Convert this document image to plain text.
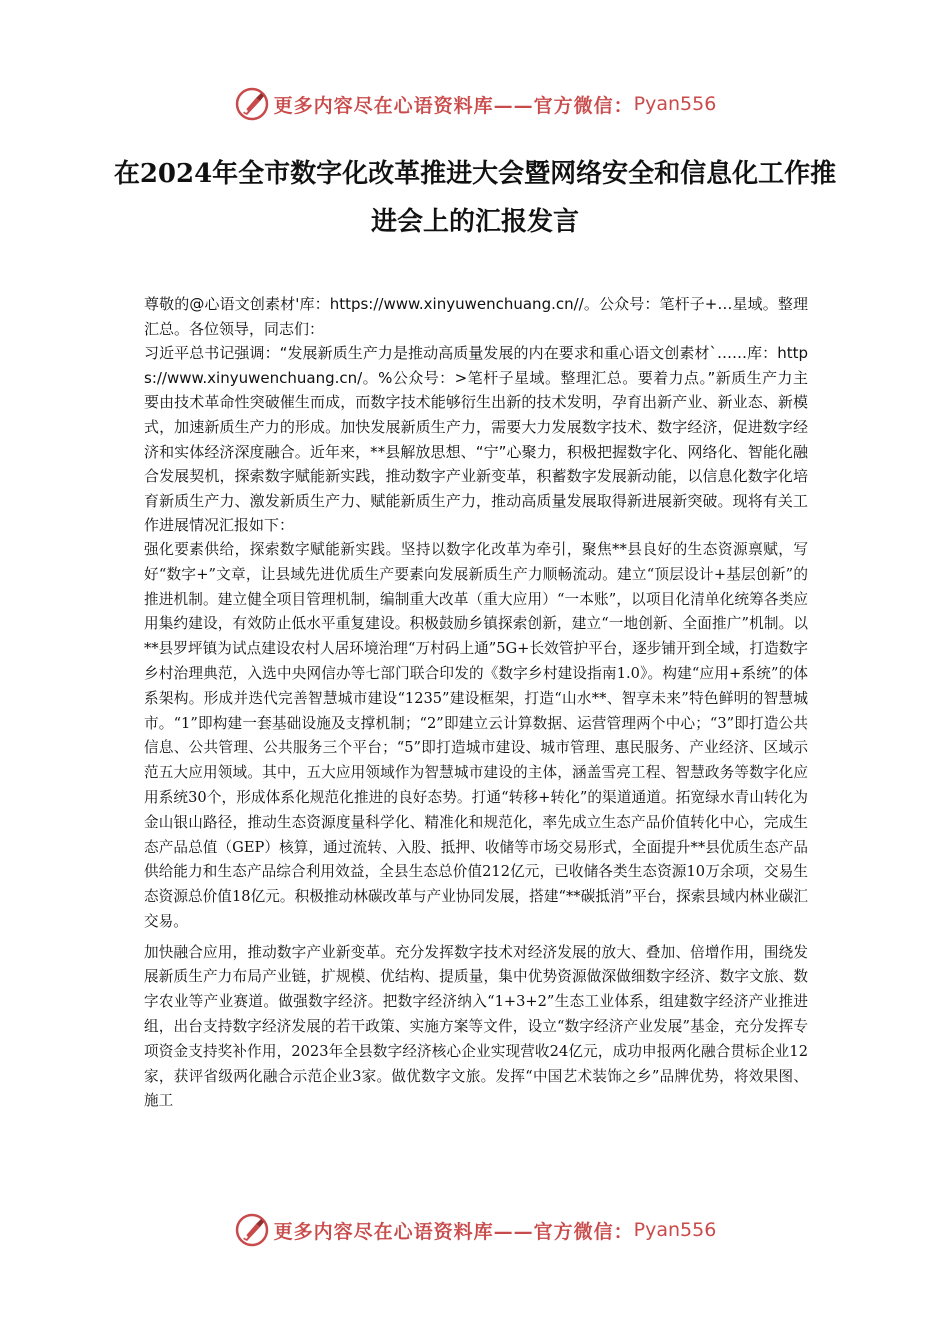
更多内容尽在心语资料库——官方微信： Pyan556
在2024年全市数字化改革推进大会暨网络安全和信息化工作推进会上的汇报发言

尊敬的@心语文创素材'库：https://www.xinyuwenchuang.cn//。公众号：笔杆子+…星域。整理汇总。各位领导，同志们：

习近平总书记强调：“发展新质生产力是推动高质量发展的内在要求和重心语文创素材`……库：https://www.xinyuwenchuang.cn/。%公众号：>笔杆子星域。整理汇总。要着力点。”新质生产力主要由技术革命性突破催生而成，而数字技术能够衍生出新的技术发明，孕育出新产业、新业态、新模式，加速新质生产力的形成。加快发展新质生产力，需要大力发展数字技术、数字经济，促进数字经济和实体经济深度融合。近年来，**县解放思想、“宁”心聚力，积极把握数字化、网络化、智能化融合发展契机，探索数字赋能新实践，推动数字产业新变革，积蓄数字发展新动能，以信息化数字化培育新质生产力、激发新质生产力、赋能新质生产力，推动高质量发展取得新进展新突破。现将有关工作进展情况汇报如下：

强化要素供给，探索数字赋能新实践。坚持以数字化改革为牵引，聚焦**县良好的生态资源禀赋，写好“数字+”文章，让县域先进优质生产要素向发展新质生产力顺畅流动。建立“顶层设计+基层创新”的推进机制。建立健全项目管理机制，编制重大改革（重大应用）“一本账”，以项目化清单化统筹各类应用集约建设，有效防止低水平重复建设。积极鼓励乡镇探索创新，建立“一地创新、全面推广”机制。以**县罗坪镇为试点建设农村人居环境治理“万村码上通”5G+长效管护平台，逐步铺开到全域，打造数字乡村治理典范，入选中央网信办等七部门联合印发的《数字乡村建设指南1.0》。构建“应用+系统”的体系架构。形成并迭代完善智慧城市建设“1235”建设框架，打造“山水**、智享未来”特色鲜明的智慧城市。“1”即构建一套基础设施及支撑机制；“2”即建立云计算数据、运营管理两个中心；“3”即打造公共信息、公共管理、公共服务三个平台；“5”即打造城市建设、城市管理、惠民服务、产业经济、区域示范五大应用领域。其中，五大应用领域作为智慧城市建设的主体，涵盖雪亮工程、智慧政务等数字化应用系统30个，形成体系化规范化推进的良好态势。打通“转移+转化”的渠道通道。拓宽绿水青山转化为金山银山路径，推动生态资源度量科学化、精准化和规范化，率先成立生态产品价值转化中心，完成生态产品总值（GEP）核算，通过流转、入股、抵押、收储等市场交易形式，全面提升**县优质生态产品供给能力和生态产品综合利用效益，全县生态总价值212亿元，已收储各类生态资源10万余项，交易生态资源总价值18亿元。积极推动林碳改革与产业协同发展，搭建“**碳抵消”平台，探索县域内林业碳汇交易。

加快融合应用，推动数字产业新变革。充分发挥数字技术对经济发展的放大、叠加、倍增作用，围绕发展新质生产力布局产业链，扩规模、优结构、提质量，集中优势资源做深做细数字经济、数字文旅、数字农业等产业赛道。做强数字经济。把数字经济纳入“1+3+2”生态工业体系，组建数字经济产业推进组，出台支持数字经济发展的若干政策、实施方案等文件，设立“数字经济产业发展”基金，充分发挥专项资金支持奖补作用，2023年全县数字经济核心企业实现营收24亿元，成功申报两化融合贯标企业12家，获评省级两化融合示范企业3家。做优数字文旅。发挥“中国艺术装饰之乡”品牌优势，将效果图、施工

更多内容尽在心语资料库——官方微信： Pyan556
